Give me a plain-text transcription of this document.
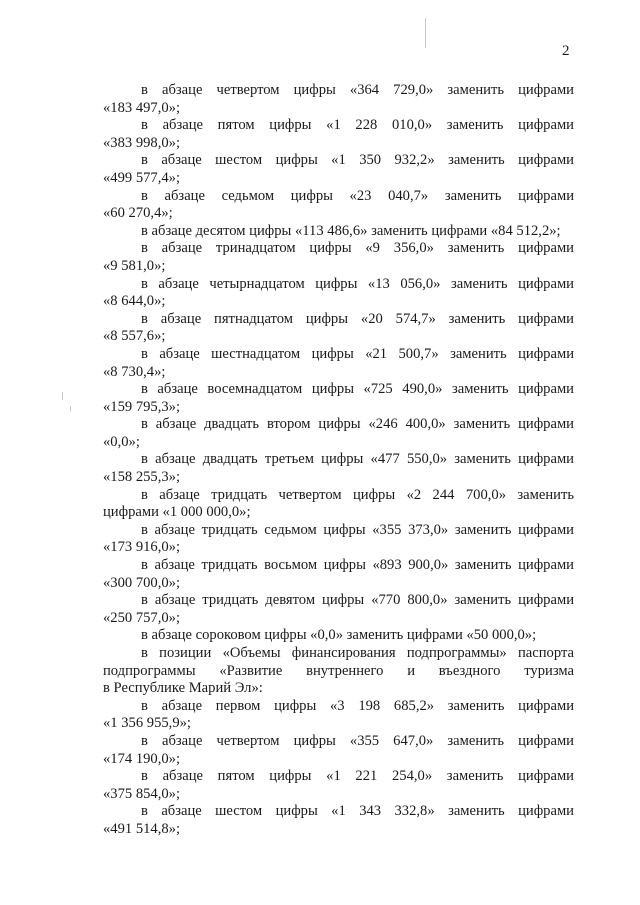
2

в абзаце четвертом цифры «364 729,0» заменить цифрами

«183 497,0»;

в абзаце пятом цифры «1 228 010,0» заменить цифрами

«383 998,0»;

в абзаце шестом цифры «1 350 932,2» заменить цифрами

«499 577,4»;

в абзаце седьмом цифры «23 040,7» заменить цифрами

«60 270,4»;

в абзаце десятом цифры «113 486,6» заменить цифрами «84 512,2»;

в абзаце тринадцатом цифры «9 356,0» заменить цифрами

«9 581,0»;

в абзаце четырнадцатом цифры «13 056,0» заменить цифрами

«8 644,0»;

в абзаце пятнадцатом цифры «20 574,7» заменить цифрами

«8 557,6»;

в абзаце шестнадцатом цифры «21 500,7» заменить цифрами

«8 730,4»;

в абзаце восемнадцатом цифры «725 490,0» заменить цифрами

«159 795,3»;

в абзаце двадцать втором цифры «246 400,0» заменить цифрами

«0,0»;

в абзаце двадцать третьем цифры «477 550,0» заменить цифрами

«158 255,3»;

в абзаце тридцать четвертом цифры «2 244 700,0» заменить

цифрами «1 000 000,0»;

в абзаце тридцать седьмом цифры «355 373,0» заменить цифрами

«173 916,0»;

в абзаце тридцать восьмом цифры «893 900,0» заменить цифрами

«300 700,0»;

в абзаце тридцать девятом цифры «770 800,0» заменить цифрами

«250 757,0»;

в абзаце сороковом цифры «0,0» заменить цифрами «50 000,0»;

в позиции «Объемы финансирования подпрограммы» паспорта

подпрограммы «Развитие внутреннего и въездного туризма

в Республике Марий Эл»:

в абзаце первом цифры «3 198 685,2» заменить цифрами

«1 356 955,9»;

в абзаце четвертом цифры «355 647,0» заменить цифрами

«174 190,0»;

в абзаце пятом цифры «1 221 254,0» заменить цифрами

«375 854,0»;

в абзаце шестом цифры «1 343 332,8» заменить цифрами

«491 514,8»;
